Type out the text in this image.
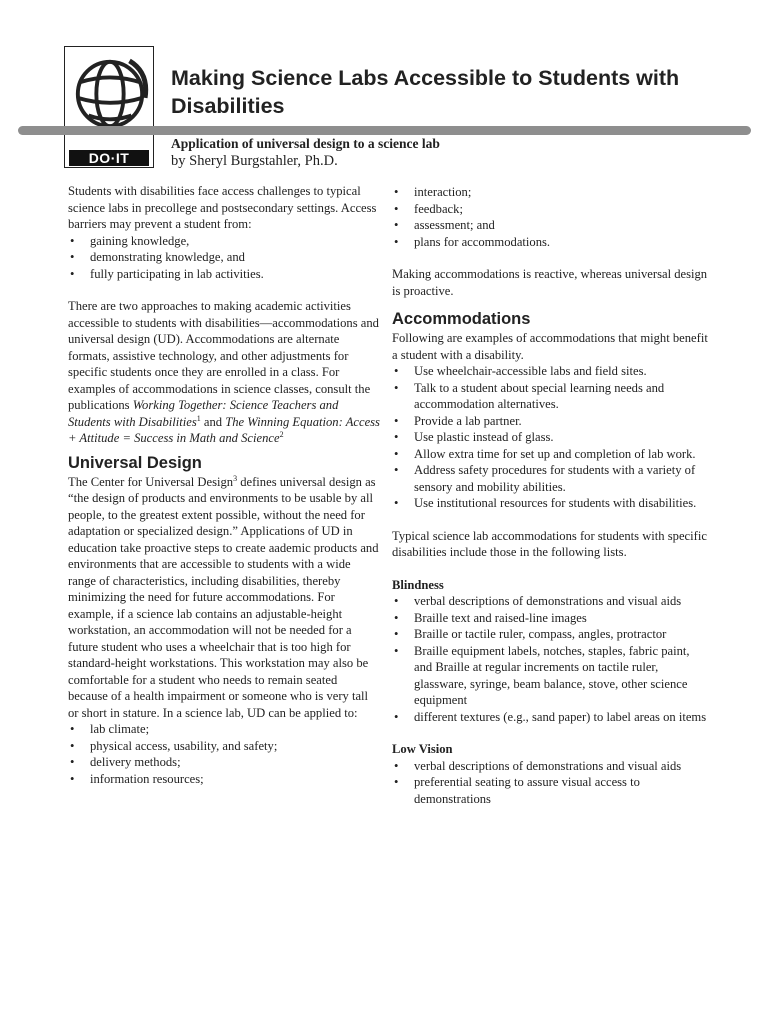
DO·IT
Making Science Labs Accessible to Students with Disabilities
Application of universal design to a science lab
by Sheryl Burgstahler, Ph.D.

Students with disabilities face access challenges to typical science labs in precollege and postsecondary settings. Access barriers may prevent a student from:

• gaining knowledge,
• demonstrating knowledge, and
• fully participating in lab activities.

There are two approaches to making academic activities accessible to students with disabilities—accommodations and universal design (UD). Accommodations are alternate formats, assistive technology, and other adjustments for specific students once they are enrolled in a class. For examples of accommodations in science classes, consult the publications Working Together: Science Teachers and Students with Disabilities$^1$ and The Winning Equation: Access + Attitude = Success in Math and Science$^2$

Universal Design

The Center for Universal Design$^3$ defines universal design as “the design of products and environments to be usable by all people, to the greatest extent possible, without the need for adaptation or specialized design.” Applications of UD in education take proactive steps to create aademic products and environments that are accessible to students with a wide range of characteristics, including disabilities, thereby minimizing the need for future accommodations. For example, if a science lab contains an adjustable-height workstation, an accommodation will not be needed for a future student who uses a wheelchair that is too high for standard-height workstations. This workstation may also be comfortable for a student who needs to remain seated because of a health impairment or someone who is very tall or short in stature. In a science lab, UD can be applied to:

• lab climate;
• physical access, usability, and safety;
• delivery methods;
• information resources;
• interaction;
• feedback;
• assessment; and
• plans for accommodations.

Making accommodations is reactive, whereas universal design is proactive.

Accommodations

Following are examples of accommodations that might benefit a student with a disability.

• Use wheelchair-accessible labs and field sites.
• Talk to a student about special learning needs and accommodation alternatives.
• Provide a lab partner.
• Use plastic instead of glass.
• Allow extra time for set up and completion of lab work.
• Address safety procedures for students with a variety of sensory and mobility abilities.
• Use institutional resources for students with disabilities.

Typical science lab accommodations for students with specific disabilities include those in the following lists.

Blindness
• verbal descriptions of demonstrations and visual aids
• Braille text and raised-line images
• Braille or tactile ruler, compass, angles, protractor
• Braille equipment labels, notches, staples, fabric paint, and Braille at regular increments on tactile ruler, glassware, syringe, beam balance, stove, other science equipment
• different textures (e.g., sand paper) to label areas on items
Low Vision
• verbal descriptions of demonstrations and visual aids
• preferential seating to assure visual access to demonstrations
